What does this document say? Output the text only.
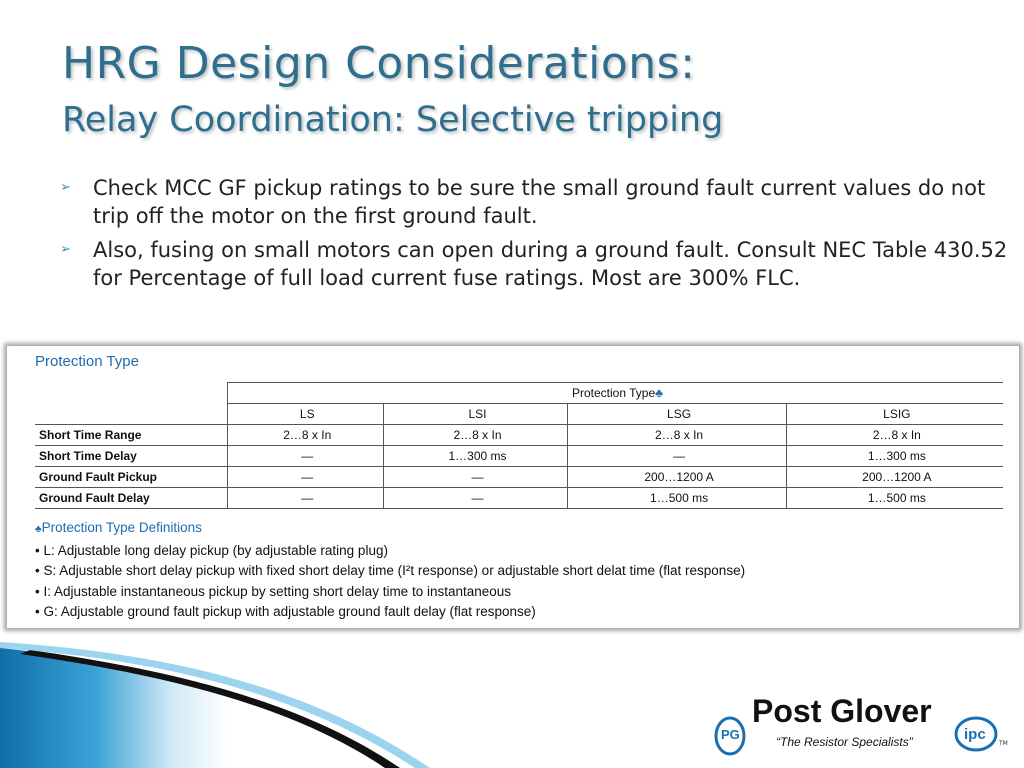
HRG Design Considerations:
Relay Coordination: Selective tripping
➢ Check MCC GF pickup ratings to be sure the small ground fault current values do not trip off the motor on the first ground fault.
➢ Also, fusing on small motors can open during a ground fault. Consult NEC Table 430.52 for Percentage of full load current fuse ratings. Most are 300% FLC.
Protection Type
	Protection Type♣			
	LS	LSI	LSG	LSIG
Short Time Range	2…8 x In	2…8 x In	2…8 x In	2…8 x In
Short Time Delay	—	1…300 ms	—	1…300 ms
Ground Fault Pickup	—	—	200…1200 A	200…1200 A
Ground Fault Delay	—	—	1…500 ms	1…500 ms
♣Protection Type Definitions
• L: Adjustable long delay pickup (by adjustable rating plug)
• S: Adjustable short delay pickup with fixed short delay time (I²t response) or adjustable short delat time (flat response)
• I: Adjustable instantaneous pickup by setting short delay time to instantaneous
• G: Adjustable ground fault pickup with adjustable ground fault delay (flat response)
Post Glover
“The Resistor Specialists”
PG	ipc
TM
